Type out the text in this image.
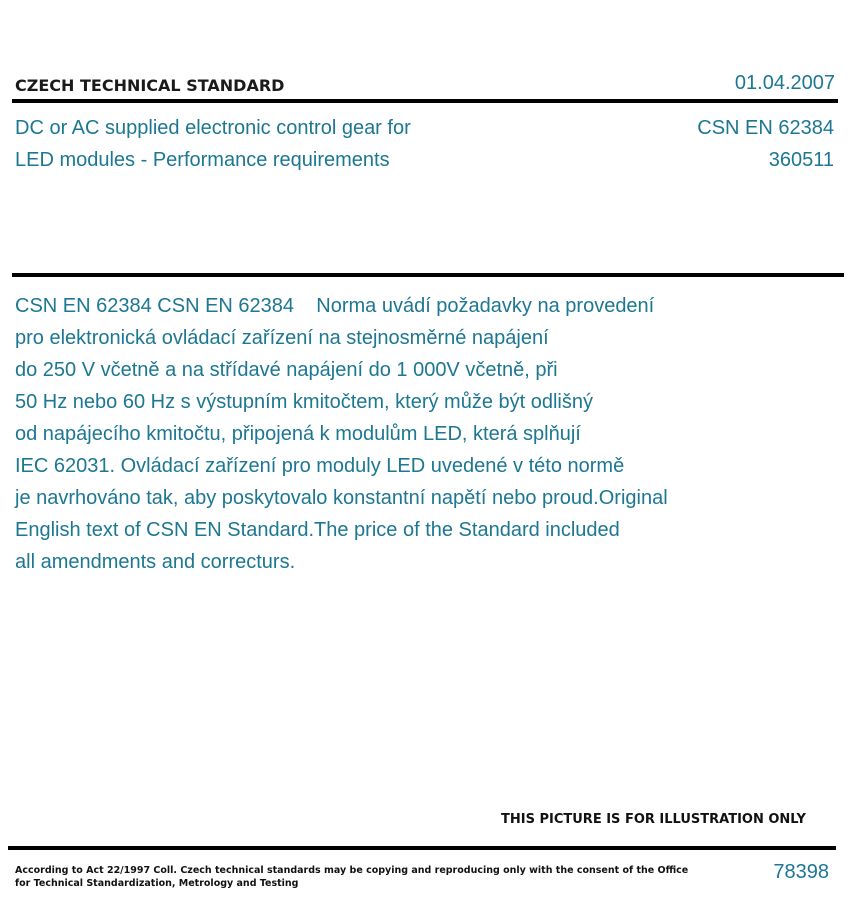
CZECH TECHNICAL STANDARD	01.04.2007
DC or AC supplied electronic control gear for
LED modules - Performance requirements
CSN EN 62384
360511
CSN EN 62384 CSN EN 62384    Norma uvádí požadavky na provedení
pro elektronická ovládací zařízení na stejnosměrné napájení
do 250 V včetně a na střídavé napájení do 1 000V včetně, při
50 Hz nebo 60 Hz s výstupním kmitočtem, který může být odlišný
od napájecího kmitočtu, připojená k modulům LED, která splňují
IEC 62031. Ovládací zařízení pro moduly LED uvedené v této normě
je navrhováno tak, aby poskytovalo konstantní napětí nebo proud.Original
English text of CSN EN Standard.The price of the Standard included
all amendments and correcturs.
THIS PICTURE IS FOR ILLUSTRATION ONLY
According to Act 22/1997 Coll. Czech technical standards may be copying and reproducing only with the consent of the Office
for Technical Standardization, Metrology and Testing
78398
